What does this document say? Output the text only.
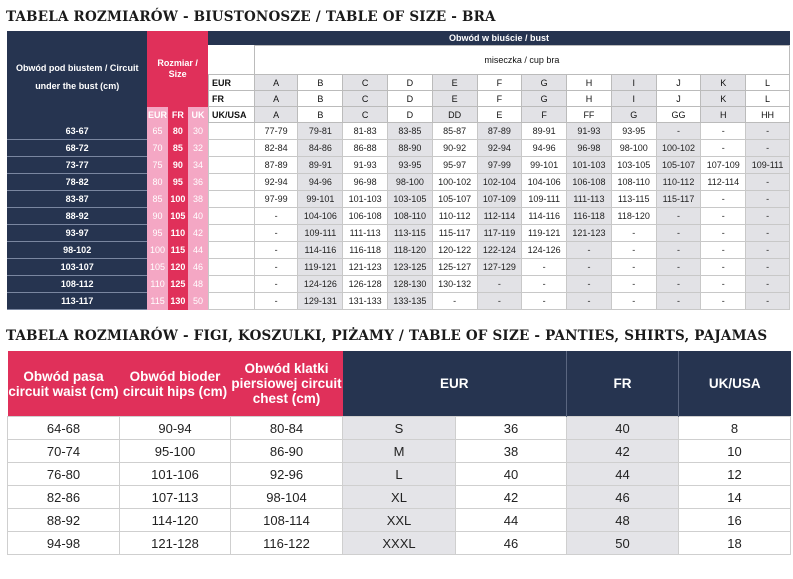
TABELA ROZMIARÓW - BIUSTONOSZE / TABLE OF SIZE - BRA
Obwód pod biustem / Circuit under the bust (cm)	Rozmiar / Size			Obwód w biuście / bust												
					miseczka / cup bra											
				EUR	A	B	C	D	E	F	G	H	I	J	K	L
				FR	A	B	C	D	E	F	G	H	I	J	K	L
	EUR	FR	UK	UK/USA	A	B	C	D	DD	E	F	FF	G	GG	H	HH
63-67	65	80	30		77-79	79-81	81-83	83-85	85-87	87-89	89-91	91-93	93-95	-	-	-
68-72	70	85	32		82-84	84-86	86-88	88-90	90-92	92-94	94-96	96-98	98-100	100-102	-	-
73-77	75	90	34		87-89	89-91	91-93	93-95	95-97	97-99	99-101	101-103	103-105	105-107	107-109	109-111
78-82	80	95	36		92-94	94-96	96-98	98-100	100-102	102-104	104-106	106-108	108-110	110-112	112-114	-
83-87	85	100	38		97-99	99-101	101-103	103-105	105-107	107-109	109-111	111-113	113-115	115-117	-	-
88-92	90	105	40		-	104-106	106-108	108-110	110-112	112-114	114-116	116-118	118-120	-	-	-
93-97	95	110	42		-	109-111	111-113	113-115	115-117	117-119	119-121	121-123	-	-	-	-
98-102	100	115	44		-	114-116	116-118	118-120	120-122	122-124	124-126	-	-	-	-	-
103-107	105	120	46		-	119-121	121-123	123-125	125-127	127-129	-	-	-	-	-	-
108-112	110	125	48		-	124-126	126-128	128-130	130-132	-	-	-	-	-	-	-
113-117	115	130	50		-	129-131	131-133	133-135	-	-	-	-	-	-	-	-
TABELA ROZMIARÓW - FIGI, KOSZULKI, PIŻAMY / TABLE OF SIZE - PANTIES, SHIRTS, PAJAMAS
Obwód pasa circuit waist (cm)	Obwód bioder circuit hips (cm)	Obwód klatki piersiowej circuit chest (cm)	EUR		FR	UK/USA
64-68	90-94	80-84	S	36	40	8
70-74	95-100	86-90	M	38	42	10
76-80	101-106	92-96	L	40	44	12
82-86	107-113	98-104	XL	42	46	14
88-92	114-120	108-114	XXL	44	48	16
94-98	121-128	116-122	XXXL	46	50	18
